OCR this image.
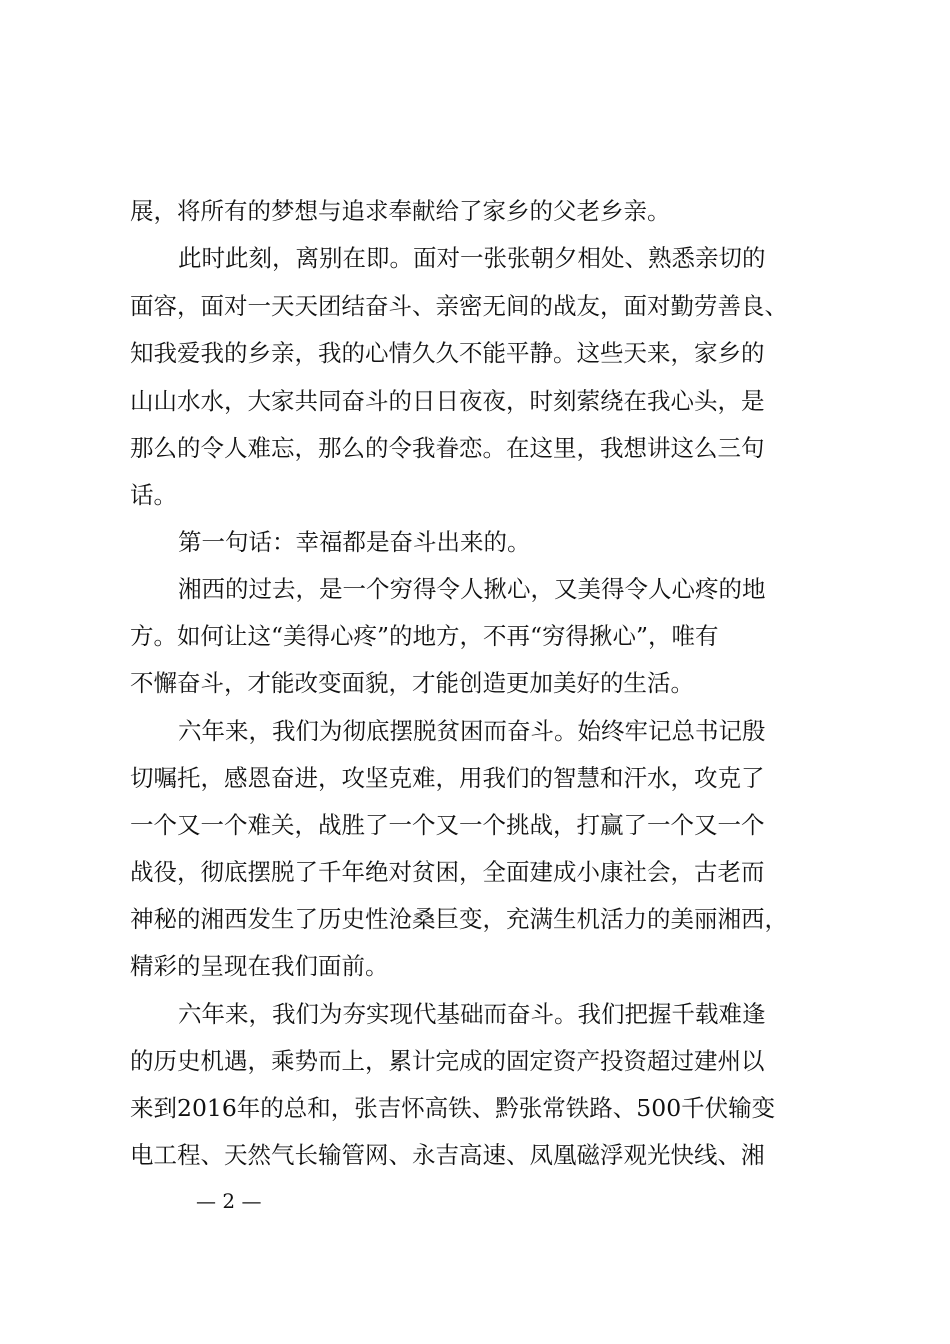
展，将所有的梦想与追求奉献给了家乡的父老乡亲。
此时此刻，离别在即。面对一张张朝夕相处、熟悉亲切的
面容，面对一天天团结奋斗、亲密无间的战友，面对勤劳善良、
知我爱我的乡亲，我的心情久久不能平静。这些天来，家乡的
山山水水，大家共同奋斗的日日夜夜，时刻萦绕在我心头，是
那么的令人难忘，那么的令我眷恋。在这里，我想讲这么三句
话。
第一句话：幸福都是奋斗出来的。
湘西的过去，是一个穷得令人揪心，又美得令人心疼的地
方。如何让这“美得心疼”的地方，不再“穷得揪心”，唯有
不懈奋斗，才能改变面貌，才能创造更加美好的生活。
六年来，我们为彻底摆脱贫困而奋斗。始终牢记总书记殷
切嘱托，感恩奋进，攻坚克难，用我们的智慧和汗水，攻克了
一个又一个难关，战胜了一个又一个挑战，打赢了一个又一个
战役，彻底摆脱了千年绝对贫困，全面建成小康社会，古老而
神秘的湘西发生了历史性沧桑巨变，充满生机活力的美丽湘西，
精彩的呈现在我们面前。
六年来，我们为夯实现代基础而奋斗。我们把握千载难逢
的历史机遇，乘势而上，累计完成的固定资产投资超过建州以
来到2016年的总和，张吉怀高铁、黔张常铁路、500千伏输变
电工程、天然气长输管网、永吉高速、凤凰磁浮观光快线、湘
— 2 —
